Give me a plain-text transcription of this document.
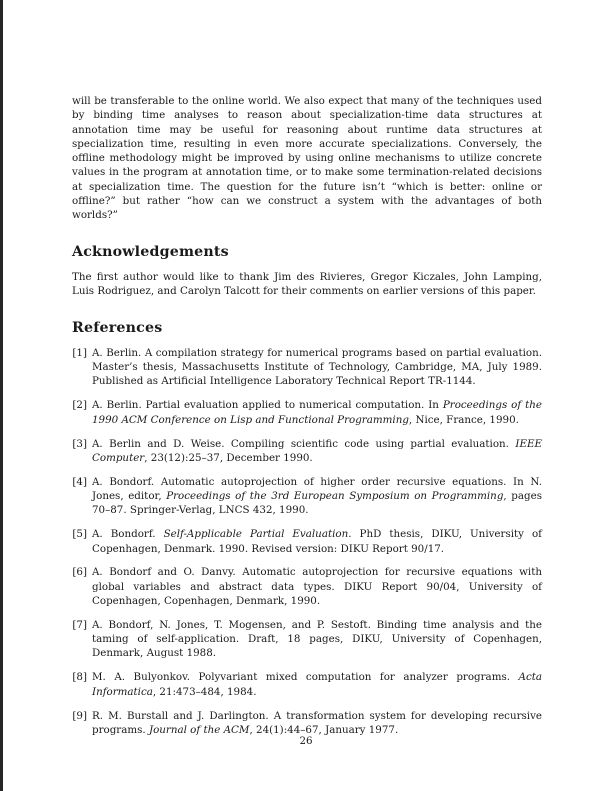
will be transferable to the online world. We also expect that many of the techniques used by binding time analyses to reason about specialization-time data structures at annotation time may be useful for reasoning about runtime data structures at specialization time, resulting in even more accurate specializations. Conversely, the offline methodology might be improved by using online mechanisms to utilize concrete values in the program at annotation time, or to make some termination-related decisions at specialization time. The question for the future isn’t “which is better: online or offline?” but rather “how can we construct a system with the advantages of both worlds?”

Acknowledgements

The first author would like to thank Jim des Rivieres, Gregor Kiczales, John Lamping, Luis Rodriguez, and Carolyn Talcott for their comments on earlier versions of this paper.

References
[1] A. Berlin. A compilation strategy for numerical programs based on partial evaluation. Master’s thesis, Massachusetts Institute of Technology, Cambridge, MA, July 1989. Published as Artificial Intelligence Laboratory Technical Report TR-1144.
[2] A. Berlin. Partial evaluation applied to numerical computation. In Proceedings of the 1990 ACM Conference on Lisp and Functional Programming, Nice, France, 1990.
[3] A. Berlin and D. Weise. Compiling scientific code using partial evaluation. IEEE Computer, 23(12):25–37, December 1990.
[4] A. Bondorf. Automatic autoprojection of higher order recursive equations. In N. Jones, editor, Proceedings of the 3rd European Symposium on Programming, pages 70–87. Springer-Verlag, LNCS 432, 1990.
[5] A. Bondorf. Self-Applicable Partial Evaluation. PhD thesis, DIKU, University of Copenhagen, Denmark. 1990. Revised version: DIKU Report 90/17.
[6] A. Bondorf and O. Danvy. Automatic autoprojection for recursive equations with global variables and abstract data types. DIKU Report 90/04, University of Copenhagen, Copenhagen, Denmark, 1990.
[7] A. Bondorf, N. Jones, T. Mogensen, and P. Sestoft. Binding time analysis and the taming of self-application. Draft, 18 pages, DIKU, University of Copenhagen, Denmark, August 1988.
[8] M. A. Bulyonkov. Polyvariant mixed computation for analyzer programs. Acta Informatica, 21:473–484, 1984.
[9] R. M. Burstall and J. Darlington. A transformation system for developing recursive programs. Journal of the ACM, 24(1):44–67, January 1977.
26
